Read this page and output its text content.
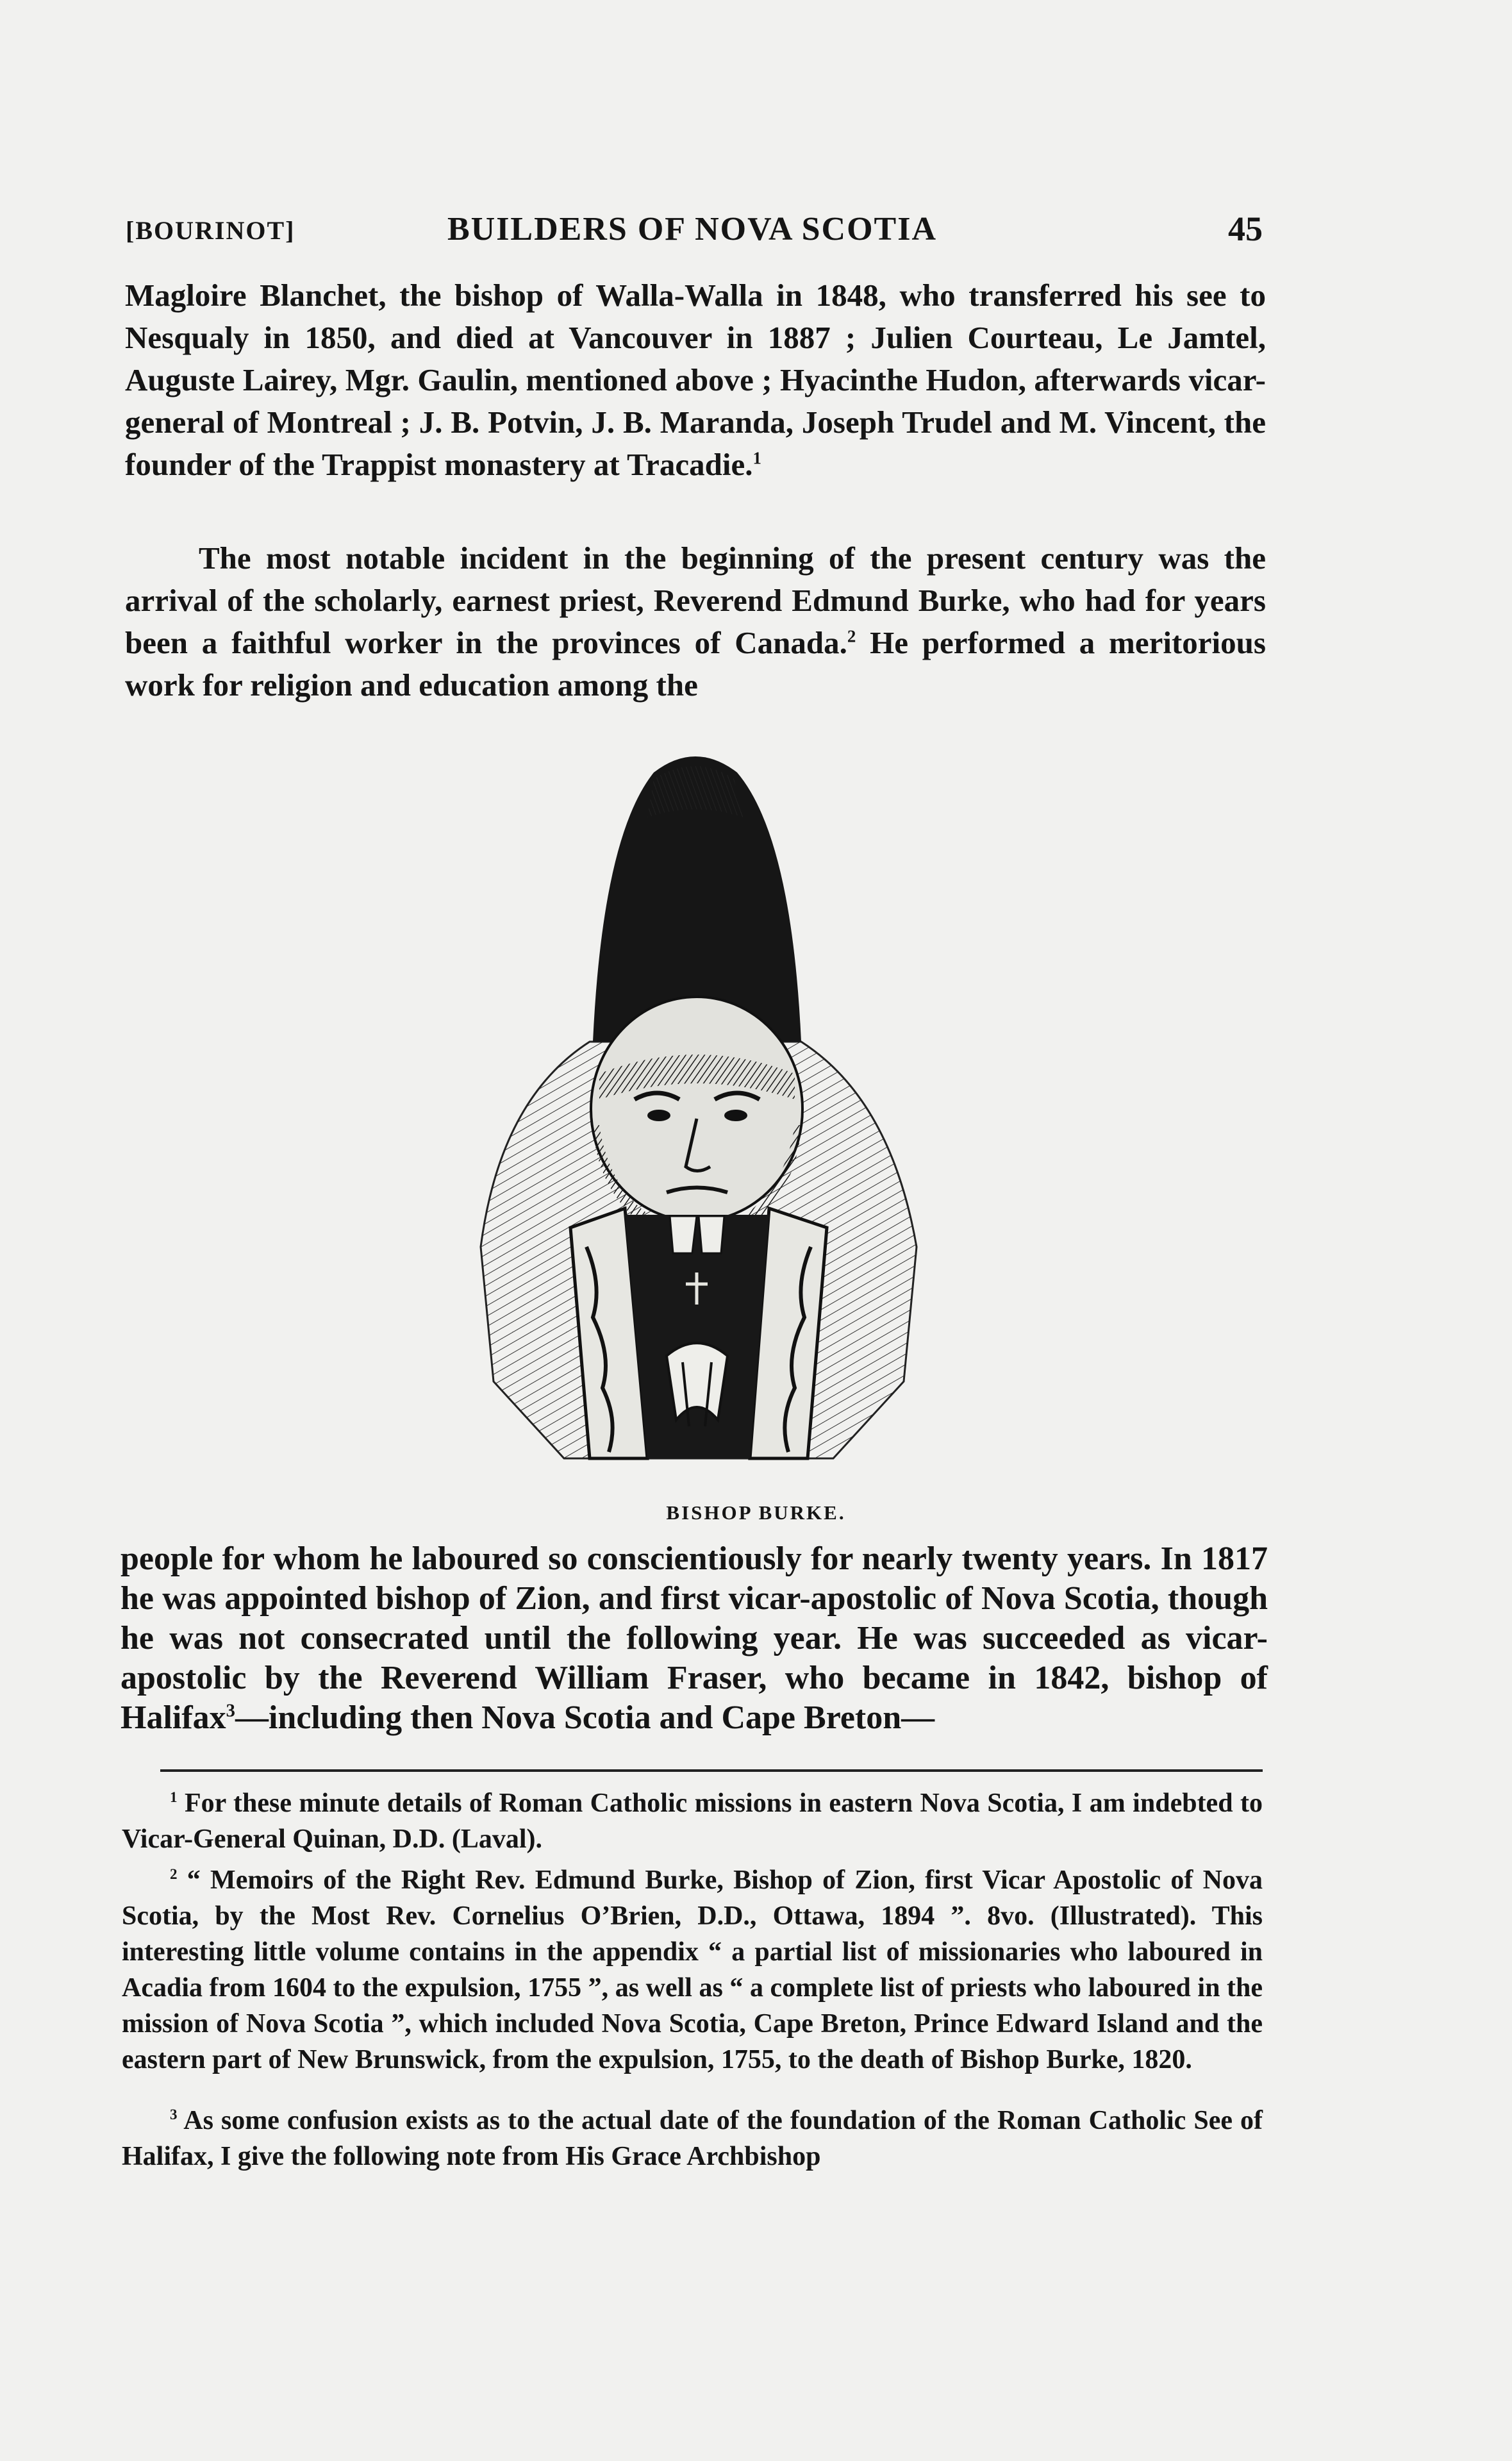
[BOURINOT]	BUILDERS OF NOVA SCOTIA	45

Magloire Blanchet, the bishop of Walla-Walla in 1848, who transferred his see to Nesqualy in 1850, and died at Vancouver in 1887 ; Julien Courteau, Le Jamtel, Auguste Lairey, Mgr. Gaulin, mentioned above ; Hyacinthe Hudon, afterwards vicar-general of Montreal ; J. B. Potvin, J. B. Maranda, Joseph Trudel and M. Vincent, the founder of the Trappist monastery at Tracadie.$^1$

The most notable incident in the beginning of the present century was the arrival of the scholarly, earnest priest, Reverend Edmund Burke, who had for years been a faithful worker in the provinces of Canada.$^2$ He performed a meritorious work for religion and education among the

BISHOP BURKE.

people for whom he laboured so conscientiously for nearly twenty years. In 1817 he was appointed bishop of Zion, and first vicar-apostolic of Nova Scotia, though he was not consecrated until the following year. He was succeeded as vicar-apostolic by the Reverend William Fraser, who became in 1842, bishop of Halifax$^3$—including then Nova Scotia and Cape Breton—

$^1$ For these minute details of Roman Catholic missions in eastern Nova Scotia, I am indebted to Vicar-General Quinan, D.D. (Laval).

$^2$ “ Memoirs of the Right Rev. Edmund Burke, Bishop of Zion, first Vicar Apostolic of Nova Scotia, by the Most Rev. Cornelius O’Brien, D.D., Ottawa, 1894 ”. 8vo. (Illustrated). This interesting little volume contains in the appendix “ a partial list of missionaries who laboured in Acadia from 1604 to the expulsion, 1755 ”, as well as “ a complete list of priests who laboured in the mission of Nova Scotia ”, which included Nova Scotia, Cape Breton, Prince Edward Island and the eastern part of New Brunswick, from the expulsion, 1755, to the death of Bishop Burke, 1820.

$^3$ As some confusion exists as to the actual date of the foundation of the Roman Catholic See of Halifax, I give the following note from His Grace Archbishop
